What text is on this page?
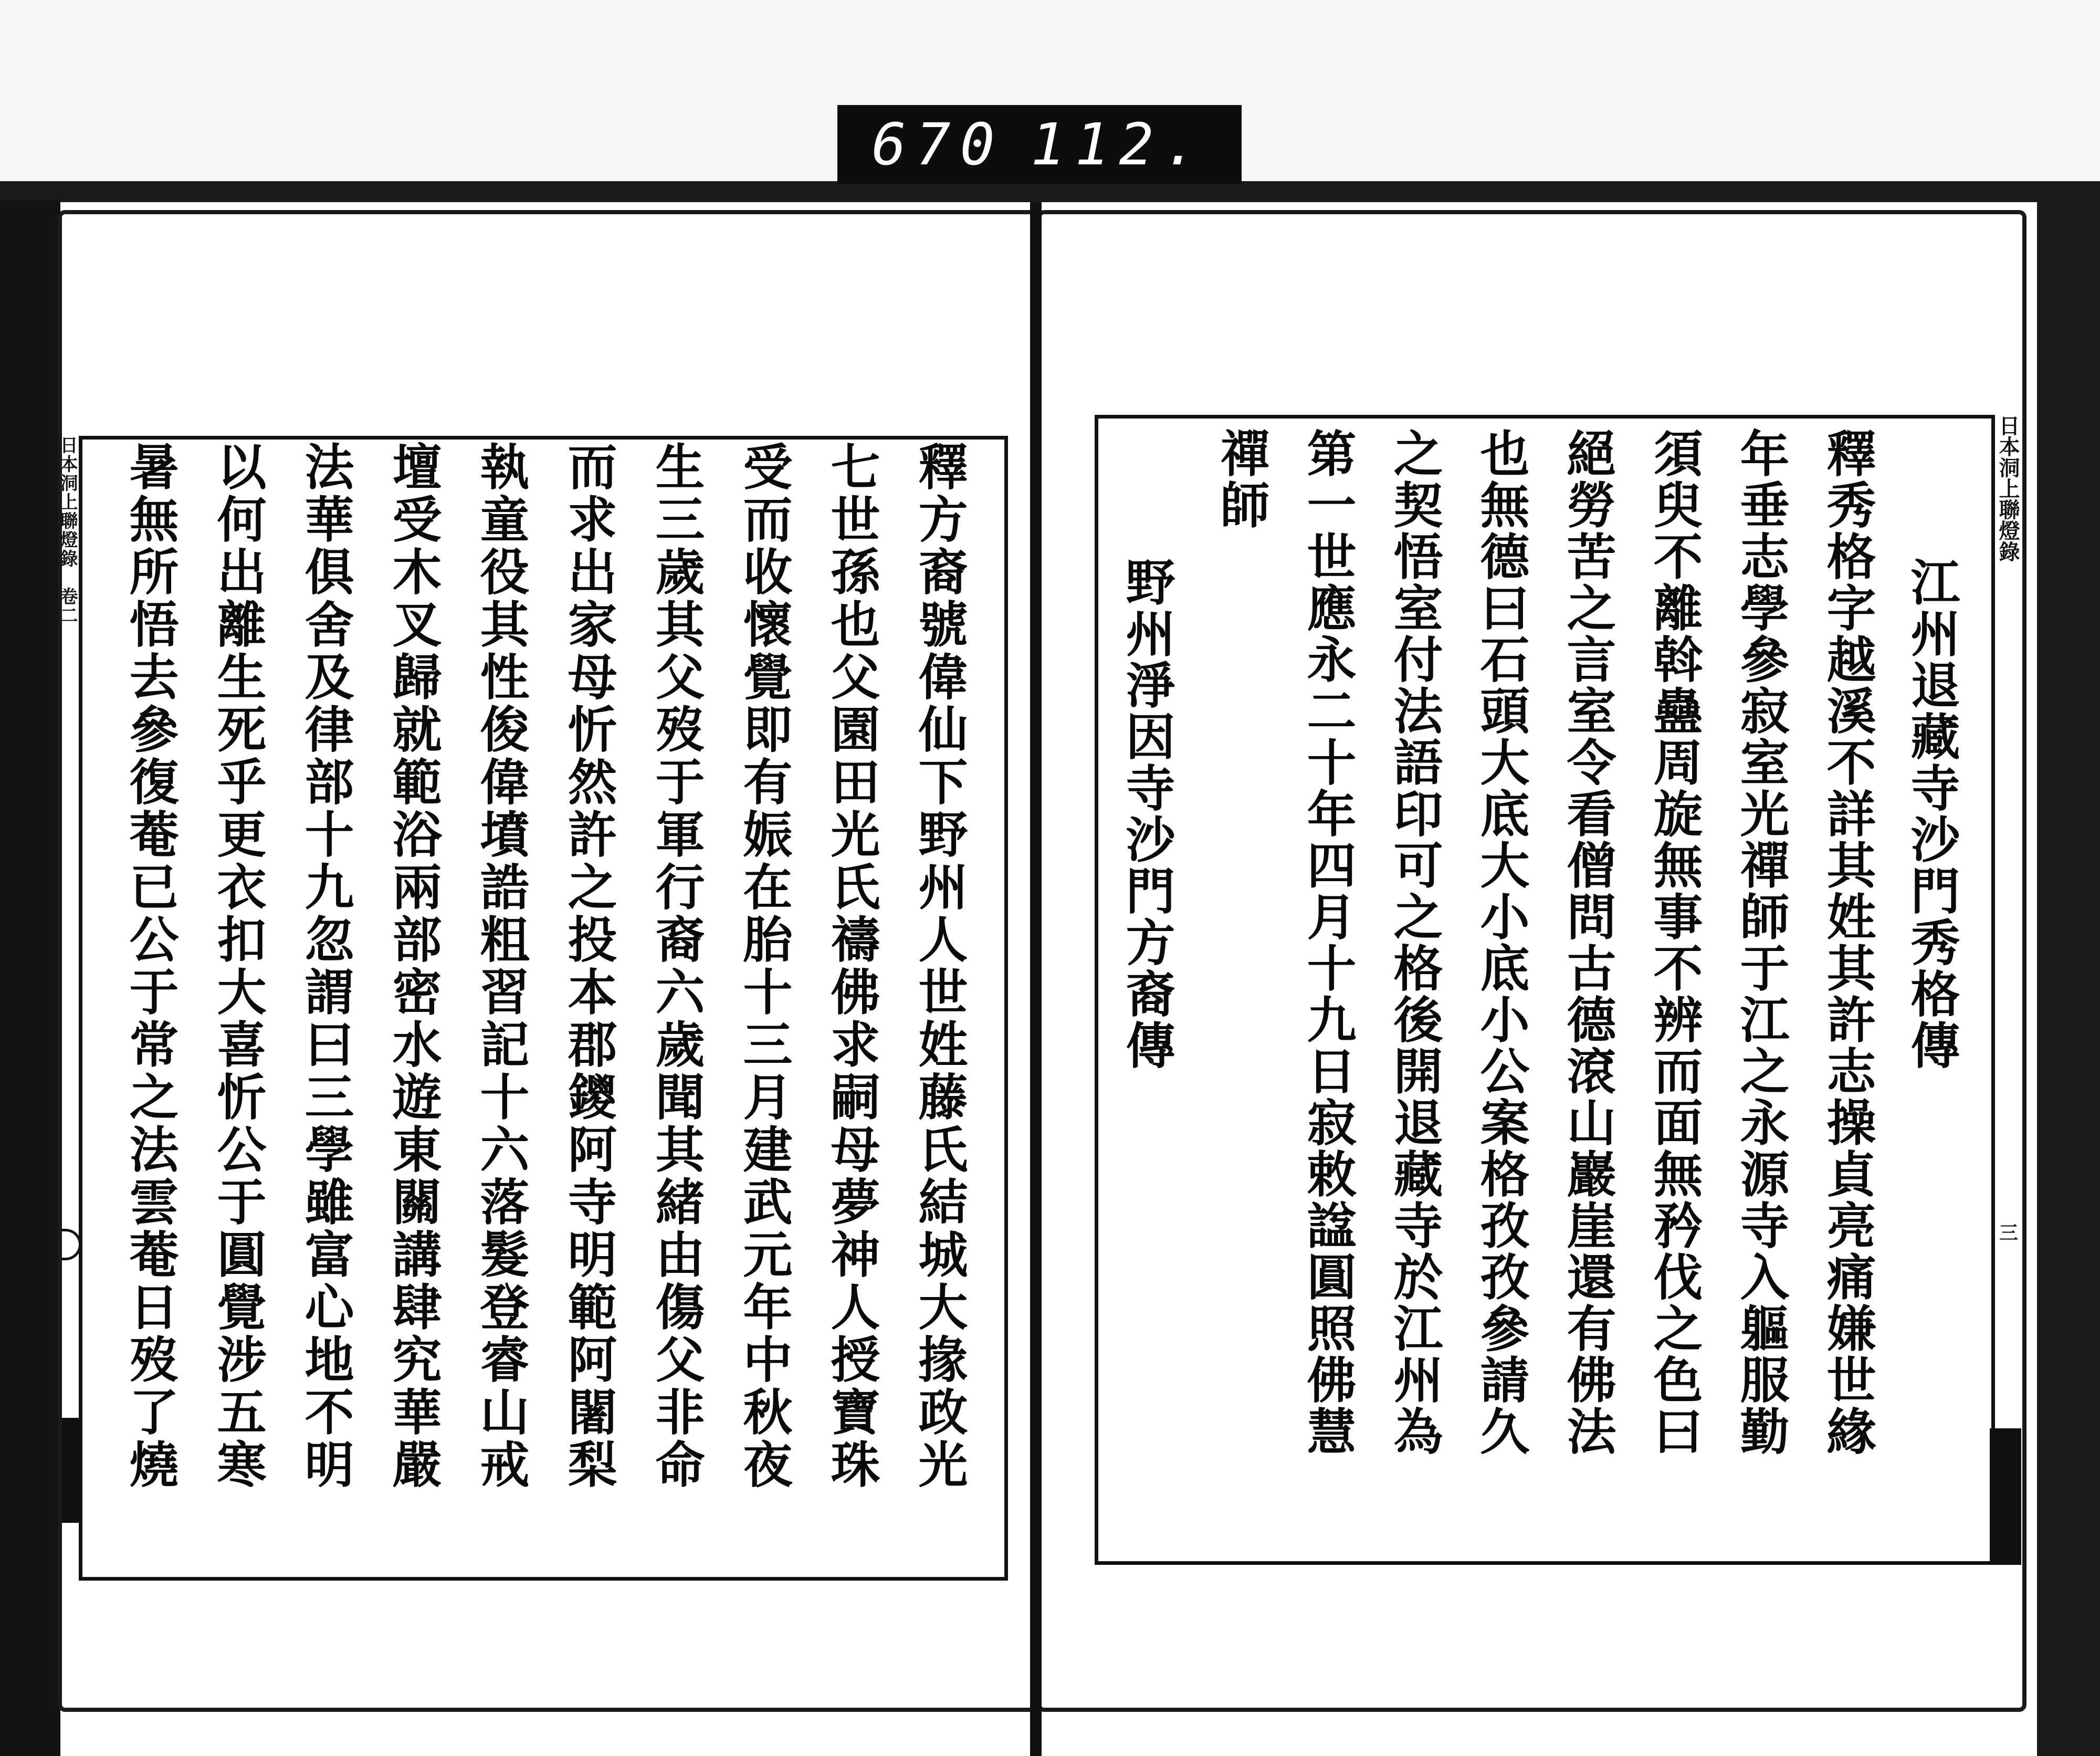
670 112.
日本洞上聯燈錄　卷二	釋方裔號偉仙下野州人世姓藤氏結城大掾政光
七世孫也父園田光氏禱佛求嗣母夢神人授寶珠
受而收懷覺即有娠在胎十三月建武元年中秋夜
生三歲其父歿于軍行裔六歲聞其緒由傷父非命
而求出家母忻然許之投本郡鑁阿寺明範阿闍梨
執童役其性俊偉墳誥粗習記十六落髮登睿山戒
壇受木叉歸就範浴兩部密水遊東關講肆究華嚴
法華俱舍及律部十九忽謂曰三學雖富心地不明
以何出離生死乎更衣扣大喜忻公于圓覺涉五寒
暑無所悟去參復菴已公于常之法雲菴日歿了燒	日本洞上聯燈錄
三
江州退藏寺沙門秀格傳
釋秀格字越溪不詳其姓其許志操貞亮痛嫌世緣
年垂志學參寂室光禪師于江之永源寺入軀服勤
須臾不離斡蠱周旋無事不辨而面無矜伐之色曰
絕勞苦之言室令看僧問古德滾山巖崖還有佛法
也無德曰石頭大底大小底小公案格孜孜參請久
之契悟室付法語印可之格後開退藏寺於江州為
第一世應永二十年四月十九日寂敕諡圓照佛慧
禪師
野州淨因寺沙門方裔傳
